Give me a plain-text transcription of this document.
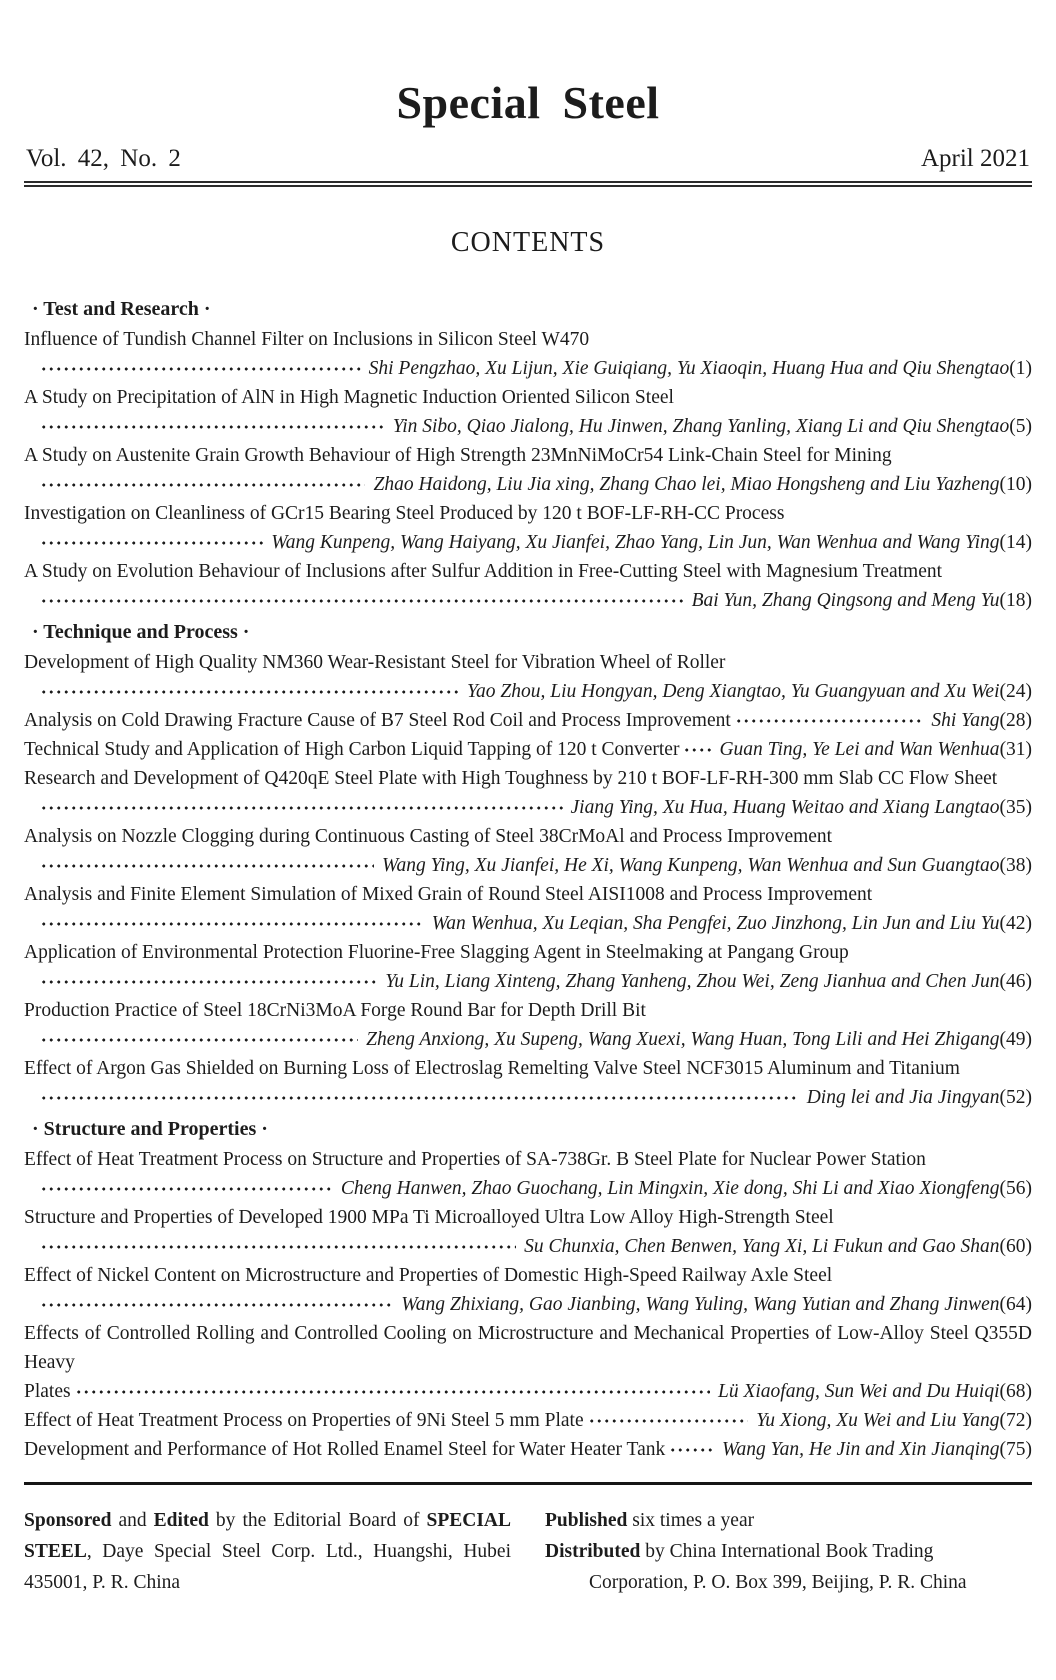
Special Steel
Vol. 42, No. 2	April 2021
CONTENTS
· Test and Research ·
Influence of Tundish Channel Filter on Inclusions in Silicon Steel W470
Shi Pengzhao, Xu Lijun, Xie Guiqiang, Yu Xiaoqin, Huang Hua and Qiu Shengtao(1)
A Study on Precipitation of AlN in High Magnetic Induction Oriented Silicon Steel
Yin Sibo, Qiao Jialong, Hu Jinwen, Zhang Yanling, Xiang Li and Qiu Shengtao(5)
A Study on Austenite Grain Growth Behaviour of High Strength 23MnNiMoCr54 Link-Chain Steel for Mining
Zhao Haidong, Liu Jia xing, Zhang Chao lei, Miao Hongsheng and Liu Yazheng(10)
Investigation on Cleanliness of GCr15 Bearing Steel Produced by 120 t BOF-LF-RH-CC Process
Wang Kunpeng, Wang Haiyang, Xu Jianfei, Zhao Yang, Lin Jun, Wan Wenhua and Wang Ying(14)
A Study on Evolution Behaviour of Inclusions after Sulfur Addition in Free-Cutting Steel with Magnesium Treatment
Bai Yun, Zhang Qingsong and Meng Yu(18)
· Technique and Process ·
Development of High Quality NM360 Wear-Resistant Steel for Vibration Wheel of Roller
Yao Zhou, Liu Hongyan, Deng Xiangtao, Yu Guangyuan and Xu Wei(24)
Analysis on Cold Drawing Fracture Cause of B7 Steel Rod Coil and Process Improvement	Shi Yang(28)
Technical Study and Application of High Carbon Liquid Tapping of 120 t Converter Guan Ting, Ye Lei and Wan Wenhua(31)
Research and Development of Q420qE Steel Plate with High Toughness by 210 t BOF-LF-RH-300 mm Slab CC Flow Sheet
Jiang Ying, Xu Hua, Huang Weitao and Xiang Langtao(35)
Analysis on Nozzle Clogging during Continuous Casting of Steel 38CrMoAl and Process Improvement
Wang Ying, Xu Jianfei, He Xi, Wang Kunpeng, Wan Wenhua and Sun Guangtao(38)
Analysis and Finite Element Simulation of Mixed Grain of Round Steel AISI1008 and Process Improvement
Wan Wenhua, Xu Leqian, Sha Pengfei, Zuo Jinzhong, Lin Jun and Liu Yu(42)
Application of Environmental Protection Fluorine-Free Slagging Agent in Steelmaking at Pangang Group
Yu Lin, Liang Xinteng, Zhang Yanheng, Zhou Wei, Zeng Jianhua and Chen Jun(46)
Production Practice of Steel 18CrNi3MoA Forge Round Bar for Depth Drill Bit
Zheng Anxiong, Xu Supeng, Wang Xuexi, Wang Huan, Tong Lili and Hei Zhigang(49)
Effect of Argon Gas Shielded on Burning Loss of Electroslag Remelting Valve Steel NCF3015 Aluminum and Titanium
Ding lei and Jia Jingyan(52)
· Structure and Properties ·
Effect of Heat Treatment Process on Structure and Properties of SA-738Gr. B Steel Plate for Nuclear Power Station
Cheng Hanwen, Zhao Guochang, Lin Mingxin, Xie dong, Shi Li and Xiao Xiongfeng(56)
Structure and Properties of Developed 1900 MPa Ti Microalloyed Ultra Low Alloy High-Strength Steel
Su Chunxia, Chen Benwen, Yang Xi, Li Fukun and Gao Shan(60)
Effect of Nickel Content on Microstructure and Properties of Domestic High-Speed Railway Axle Steel
Wang Zhixiang, Gao Jianbing, Wang Yuling, Wang Yutian and Zhang Jinwen(64)
Effects of Controlled Rolling and Controlled Cooling on Microstructure and Mechanical Properties of Low-Alloy Steel Q355D Heavy
Plates	Lü Xiaofang, Sun Wei and Du Huiqi(68)
Effect of Heat Treatment Process on Properties of 9Ni Steel 5 mm Plate	Yu Xiong, Xu Wei and Liu Yang(72)
Development and Performance of Hot Rolled Enamel Steel for Water Heater Tank	Wang Yan, He Jin and Xin Jianqing(75)
Sponsored and Edited by the Editorial Board of SPECIAL
STEEL, Daye Special Steel Corp. Ltd., Huangshi, Hubei
435001, P. R. China
Published six times a year
Distributed by China International Book Trading
Corporation, P. O. Box 399, Beijing, P. R. China
